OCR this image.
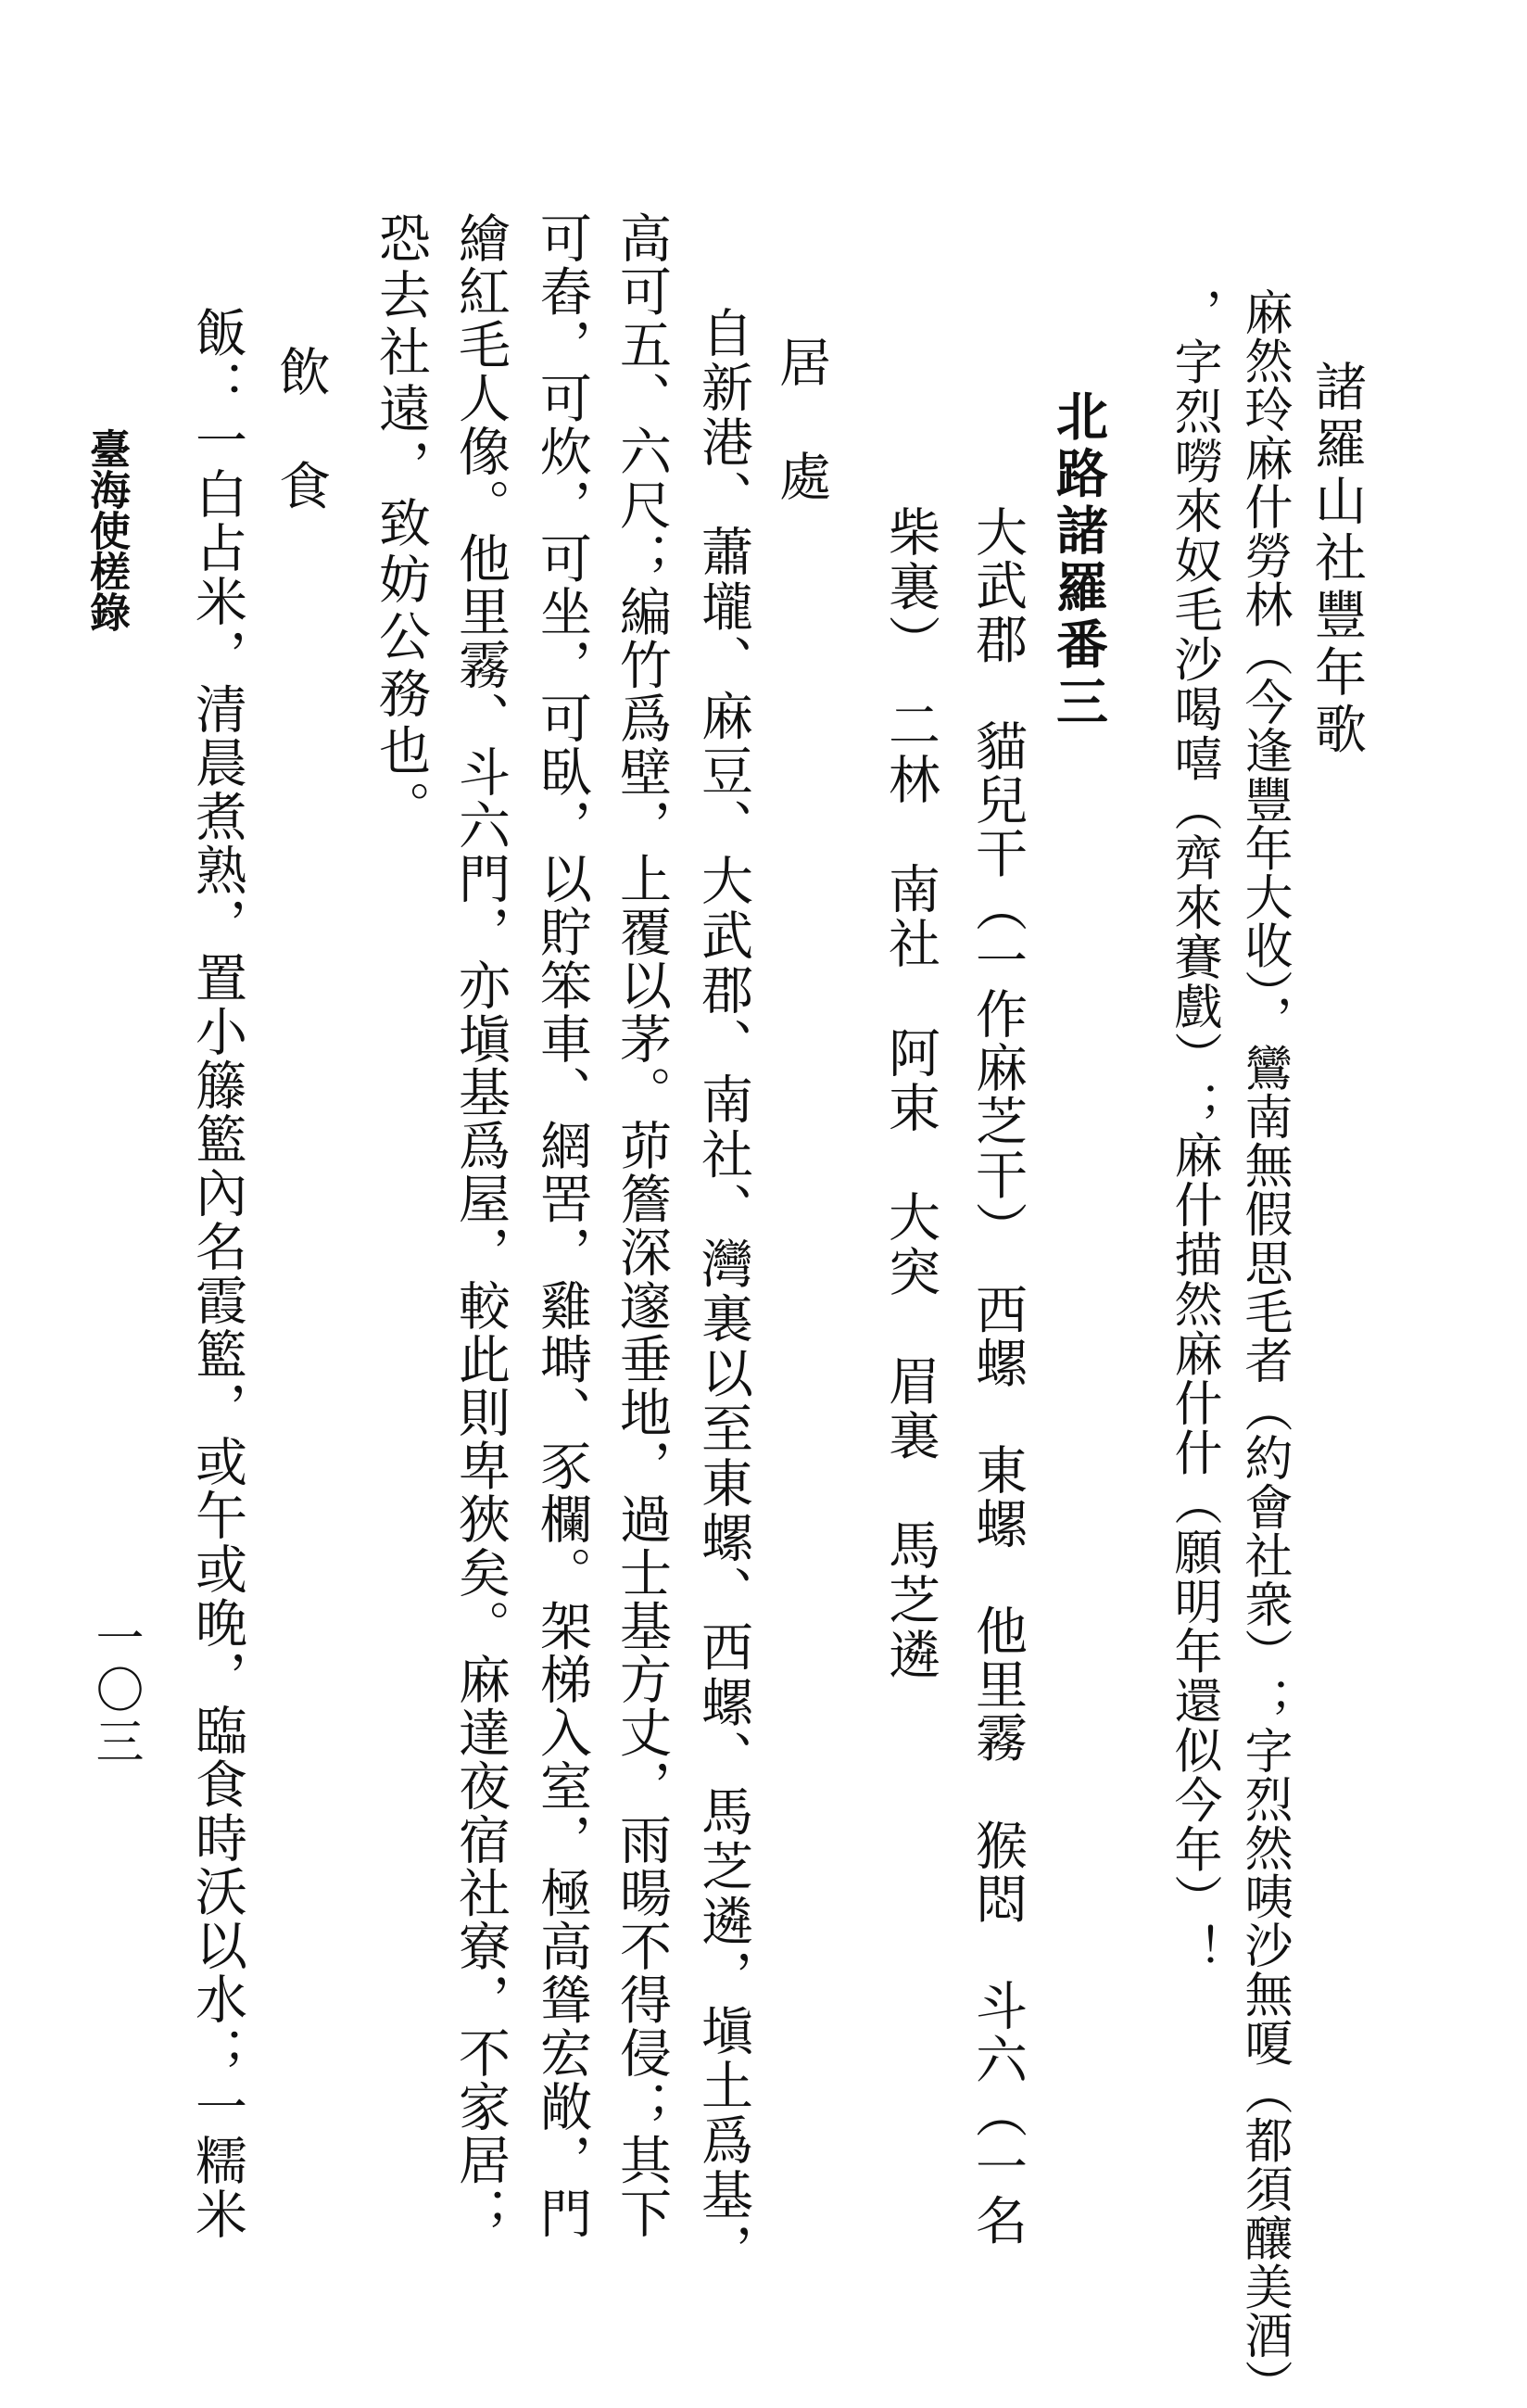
諸羅山社豐年歌
麻然玲麻什勞林（今逢豐年大收），鸞南無假思毛者（約會社衆）；字烈然咦沙無嗄（都須釀美酒）
，字烈嘮來奴毛沙喝嘻（齊來賽戲）；麻什描然麻什什（願明年還似今年）！
北路諸羅番三
大武郡　貓兒干（一作麻芝干）　西螺　東螺　他里霧　猴悶　斗六（一名
柴裏）　二林　南社　阿束　大突　眉裏　馬芝遴
居　處
自新港、蕭壠、麻豆、大武郡、南社、灣裏以至東螺、西螺、馬芝遴，塡土爲基，
高可五、六尺；編竹爲壁，上覆以茅。茆簷深邃垂地，過士基方丈，雨暘不得侵；其下
可舂，可炊，可坐，可臥，以貯笨車、網罟，雞塒、豕欄。架梯入室，極高聳宏敞，門
繪紅毛人像。他里霧、斗六門，亦塡基爲屋，較此則卑狹矣。麻達夜宿社寮，不家居；
恐去社遠，致妨公務也。
飲　食
飯：一白占米，清晨煮熟，置小籐籃內名霞籃，或午或晚，臨食時沃以水；一糯米
臺海使槎錄
一〇三
